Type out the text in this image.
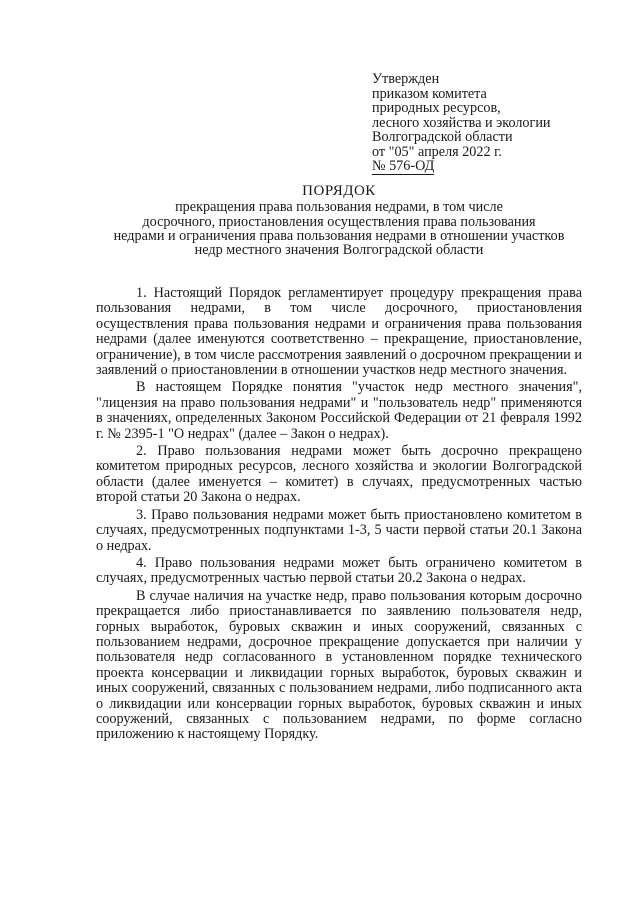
Утвержден
приказом комитета
природных ресурсов,
лесного хозяйства и экологии
Волгоградской области
от "05" апреля 2022 г.
№ 576-ОД
ПОРЯДОК
прекращения права пользования недрами, в том числе
досрочного, приостановления осуществления права пользования
недрами и ограничения права пользования недрами в отношении участков
недр местного значения Волгоградской области

1. Настоящий Порядок регламентирует процедуру прекращения права пользования недрами, в том числе досрочного, приостановления осуществления права пользования недрами и ограничения права пользования недрами (далее именуются соответственно – прекращение, приостановление, ограничение), в том числе рассмотрения заявлений о досрочном прекращении и заявлений о приостановлении в отношении участков недр местного значения.

В настоящем Порядке понятия "участок недр местного значения", "лицензия на право пользования недрами" и "пользователь недр" применяются в значениях, определенных Законом Российской Федерации от 21 февраля 1992 г. № 2395-1 "О недрах" (далее – Закон о недрах).

2. Право пользования недрами может быть досрочно прекращено комитетом природных ресурсов, лесного хозяйства и экологии Волгоградской области (далее именуется – комитет) в случаях, предусмотренных частью второй статьи 20 Закона о недрах.

3. Право пользования недрами может быть приостановлено комитетом в случаях, предусмотренных подпунктами 1-3, 5 части первой статьи 20.1 Закона о недрах.

4. Право пользования недрами может быть ограничено комитетом в случаях, предусмотренных частью первой статьи 20.2 Закона о недрах.

В случае наличия на участке недр, право пользования которым досрочно прекращается либо приостанавливается по заявлению пользователя недр, горных выработок, буровых скважин и иных сооружений, связанных с пользованием недрами, досрочное прекращение допускается при наличии у пользователя недр согласованного в установленном порядке технического проекта консервации и ликвидации горных выработок, буровых скважин и иных сооружений, связанных с пользованием недрами, либо подписанного акта о ликвидации или консервации горных выработок, буровых скважин и иных сооружений, связанных с пользованием недрами, по форме согласно приложению к настоящему Порядку.
